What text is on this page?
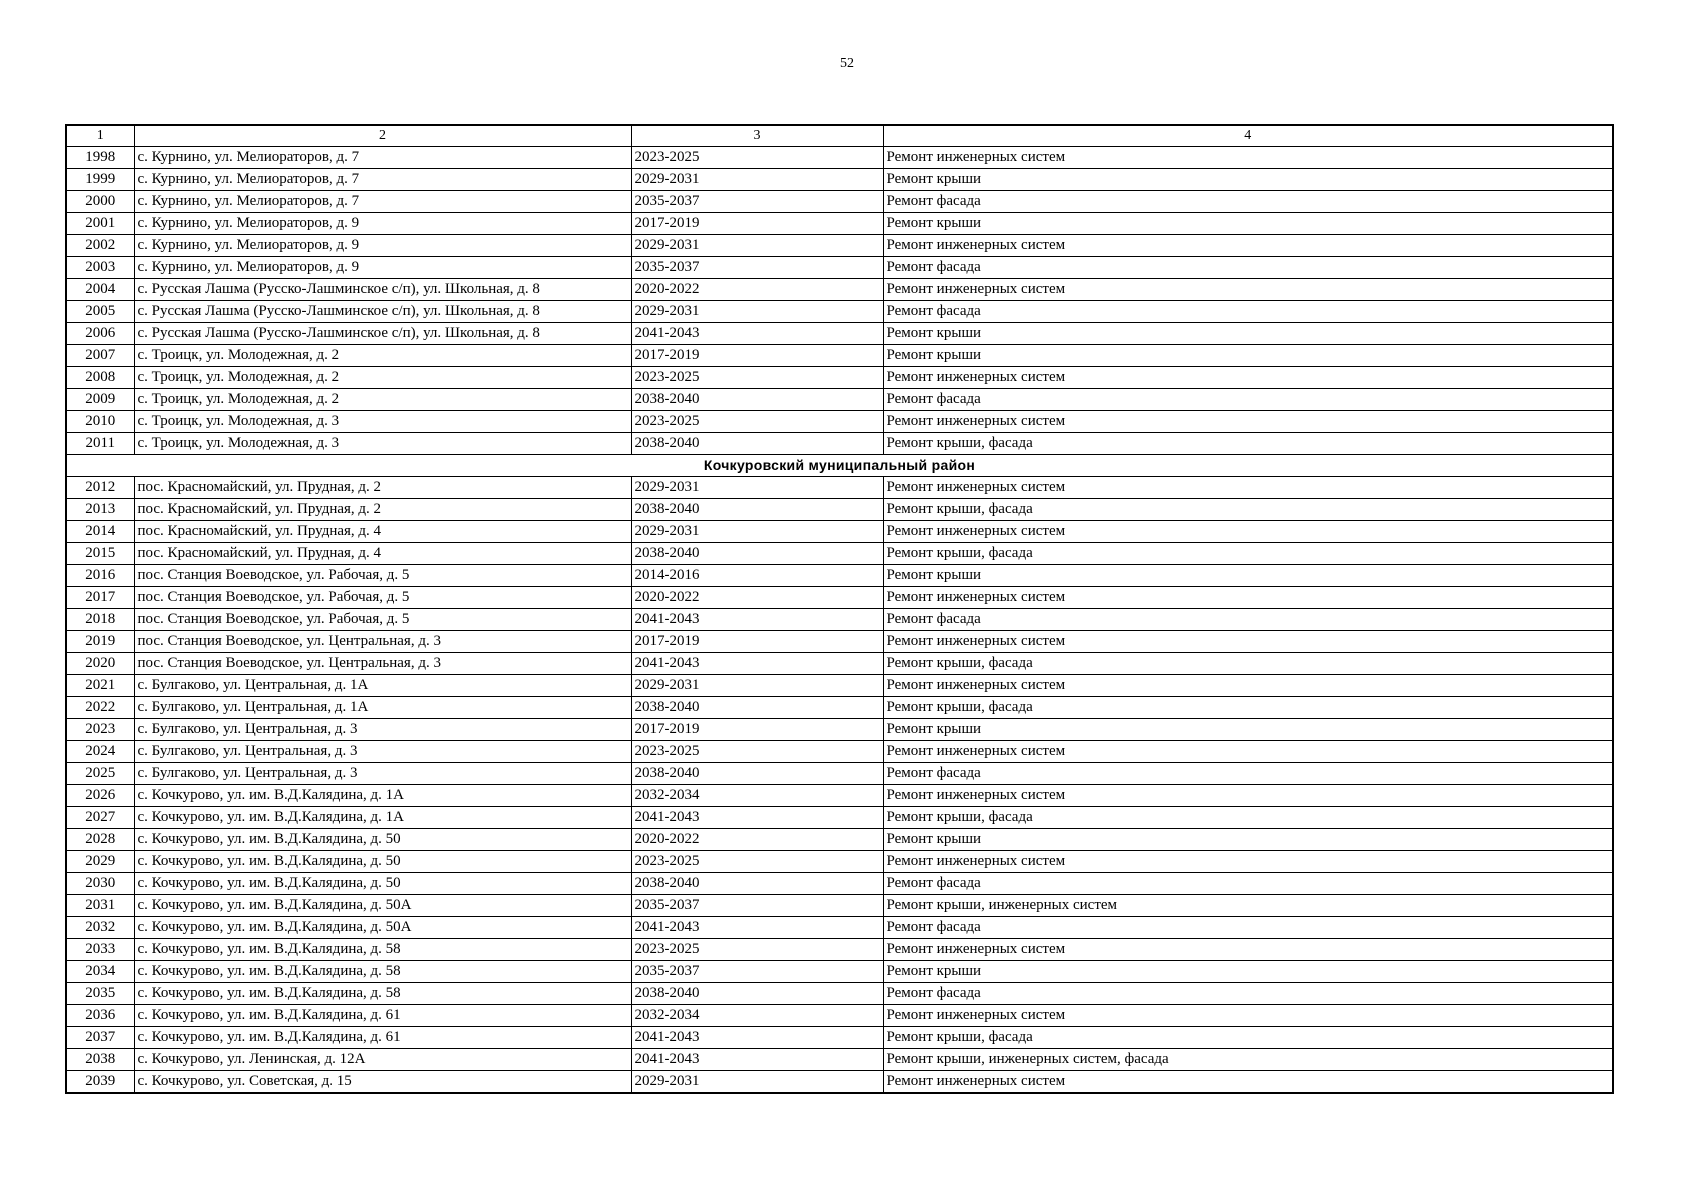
52
1	2	3	4
1998	с. Курнино, ул. Мелиораторов, д. 7	2023-2025	Ремонт инженерных систем
1999	с. Курнино, ул. Мелиораторов, д. 7	2029-2031	Ремонт крыши
2000	с. Курнино, ул. Мелиораторов, д. 7	2035-2037	Ремонт фасада
2001	с. Курнино, ул. Мелиораторов, д. 9	2017-2019	Ремонт крыши
2002	с. Курнино, ул. Мелиораторов, д. 9	2029-2031	Ремонт инженерных систем
2003	с. Курнино, ул. Мелиораторов, д. 9	2035-2037	Ремонт фасада
2004	с. Русская Лашма (Русско-Лашминское с/п), ул. Школьная, д. 8	2020-2022	Ремонт инженерных систем
2005	с. Русская Лашма (Русско-Лашминское с/п), ул. Школьная, д. 8	2029-2031	Ремонт фасада
2006	с. Русская Лашма (Русско-Лашминское с/п), ул. Школьная, д. 8	2041-2043	Ремонт крыши
2007	с. Троицк, ул. Молодежная, д. 2	2017-2019	Ремонт крыши
2008	с. Троицк, ул. Молодежная, д. 2	2023-2025	Ремонт инженерных систем
2009	с. Троицк, ул. Молодежная, д. 2	2038-2040	Ремонт фасада
2010	с. Троицк, ул. Молодежная, д. 3	2023-2025	Ремонт инженерных систем
2011	с. Троицк, ул. Молодежная, д. 3	2038-2040	Ремонт крыши, фасада
Кочкуровский муниципальный район			
2012	пос. Красномайский, ул. Прудная, д. 2	2029-2031	Ремонт инженерных систем
2013	пос. Красномайский, ул. Прудная, д. 2	2038-2040	Ремонт крыши, фасада
2014	пос. Красномайский, ул. Прудная, д. 4	2029-2031	Ремонт инженерных систем
2015	пос. Красномайский, ул. Прудная, д. 4	2038-2040	Ремонт крыши, фасада
2016	пос. Станция Воеводское, ул. Рабочая, д. 5	2014-2016	Ремонт крыши
2017	пос. Станция Воеводское, ул. Рабочая, д. 5	2020-2022	Ремонт инженерных систем
2018	пос. Станция Воеводское, ул. Рабочая, д. 5	2041-2043	Ремонт фасада
2019	пос. Станция Воеводское, ул. Центральная, д. 3	2017-2019	Ремонт инженерных систем
2020	пос. Станция Воеводское, ул. Центральная, д. 3	2041-2043	Ремонт крыши, фасада
2021	с. Булгаково, ул. Центральная, д. 1А	2029-2031	Ремонт инженерных систем
2022	с. Булгаково, ул. Центральная, д. 1А	2038-2040	Ремонт крыши, фасада
2023	с. Булгаково, ул. Центральная, д. 3	2017-2019	Ремонт крыши
2024	с. Булгаково, ул. Центральная, д. 3	2023-2025	Ремонт инженерных систем
2025	с. Булгаково, ул. Центральная, д. 3	2038-2040	Ремонт фасада
2026	с. Кочкурово, ул. им. В.Д.Калядина, д. 1А	2032-2034	Ремонт инженерных систем
2027	с. Кочкурово, ул. им. В.Д.Калядина, д. 1А	2041-2043	Ремонт крыши, фасада
2028	с. Кочкурово, ул. им. В.Д.Калядина, д. 50	2020-2022	Ремонт крыши
2029	с. Кочкурово, ул. им. В.Д.Калядина, д. 50	2023-2025	Ремонт инженерных систем
2030	с. Кочкурово, ул. им. В.Д.Калядина, д. 50	2038-2040	Ремонт фасада
2031	с. Кочкурово, ул. им. В.Д.Калядина, д. 50А	2035-2037	Ремонт крыши, инженерных систем
2032	с. Кочкурово, ул. им. В.Д.Калядина, д. 50А	2041-2043	Ремонт фасада
2033	с. Кочкурово, ул. им. В.Д.Калядина, д. 58	2023-2025	Ремонт инженерных систем
2034	с. Кочкурово, ул. им. В.Д.Калядина, д. 58	2035-2037	Ремонт крыши
2035	с. Кочкурово, ул. им. В.Д.Калядина, д. 58	2038-2040	Ремонт фасада
2036	с. Кочкурово, ул. им. В.Д.Калядина, д. 61	2032-2034	Ремонт инженерных систем
2037	с. Кочкурово, ул. им. В.Д.Калядина, д. 61	2041-2043	Ремонт крыши, фасада
2038	с. Кочкурово, ул. Ленинская, д. 12А	2041-2043	Ремонт крыши, инженерных систем, фасада
2039	с. Кочкурово, ул. Советская, д. 15	2029-2031	Ремонт инженерных систем
